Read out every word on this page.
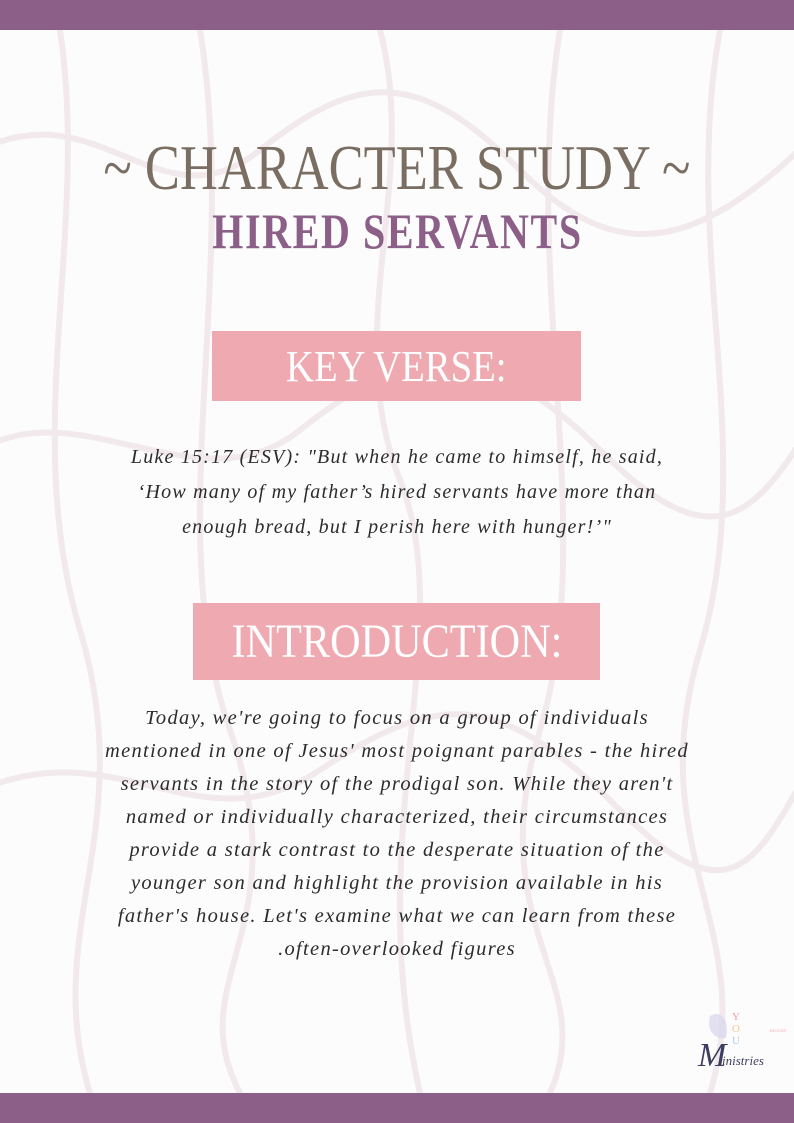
~ CHARACTER STUDY ~
HIRED SERVANTS
KEY VERSE:
Luke 15:17 (ESV): "But when he came to himself, he said,
‘How many of my father’s hired servants have more than
enough bread, but I perish here with hunger!’"
INTRODUCTION:
Today, we're going to focus on a group of individuals
mentioned in one of Jesus' most poignant parables - the hired
servants in the story of the prodigal son. While they aren't
named or individually characterized, their circumstances
provide a stark contrast to the desperate situation of the
younger son and highlight the provision available in his
father's house. Let's examine what we can learn from these
.often-overlooked figures
Y
O
U
M
inistries
BECKER
